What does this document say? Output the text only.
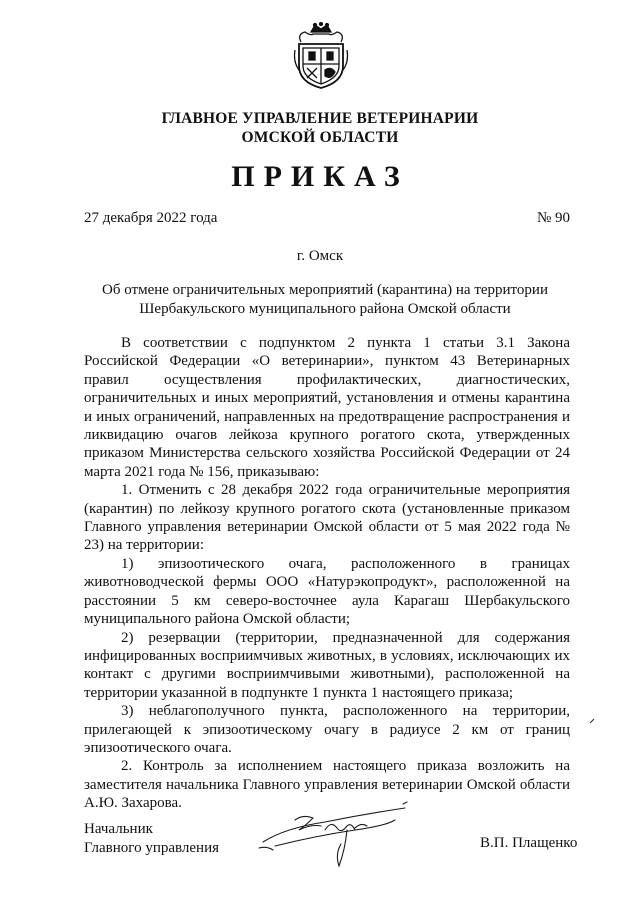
ГЛАВНОЕ УПРАВЛЕНИЕ ВЕТЕРИНАРИИ
ОМСКОЙ ОБЛАСТИ
ПРИКАЗ
27 декабря 2022 года	№ 90
г. Омск
Об отмене ограничительных мероприятий (карантина) на территории
Шербакульского муниципального района Омской области

В соответствии с подпунктом 2 пункта 1 статьи 3.1 Закона Российской Федерации «О ветеринарии», пунктом 43 Ветеринарных правил осуществления профилактических, диагностических, ограничительных и иных мероприятий, установления и отмены карантина и иных ограничений, направленных на предотвращение распространения и ликвидацию очагов лейкоза крупного рогатого скота, утвержденных приказом Министерства сельского хозяйства Российской Федерации от 24 марта 2021 года № 156, приказываю:

1. Отменить с 28 декабря 2022 года ограничительные мероприятия (карантин) по лейкозу крупного рогатого скота (установленные приказом Главного управления ветеринарии Омской области от 5 мая 2022 года № 23) на территории:

1) эпизоотического очага, расположенного в границах животноводческой фермы ООО «Натурэкопродукт», расположенной на расстоянии 5 км северо-восточнее аула Карагаш Шербакульского муниципального района Омской области;

2) резервации (территории, предназначенной для содержания инфицированных восприимчивых животных, в условиях, исключающих их контакт с другими восприимчивыми животными), расположенной на территории указанной в подпункте 1 пункта 1 настоящего приказа;

3) неблагополучного пункта, расположенного на территории, прилегающей к эпизоотическому очагу в радиусе 2 км от границ эпизоотического очага.

2. Контроль за исполнением настоящего приказа возложить на заместителя начальника Главного управления ветеринарии Омской области А.Ю. Захарова.

Начальник
Главного управления	В.П. Плащенко
